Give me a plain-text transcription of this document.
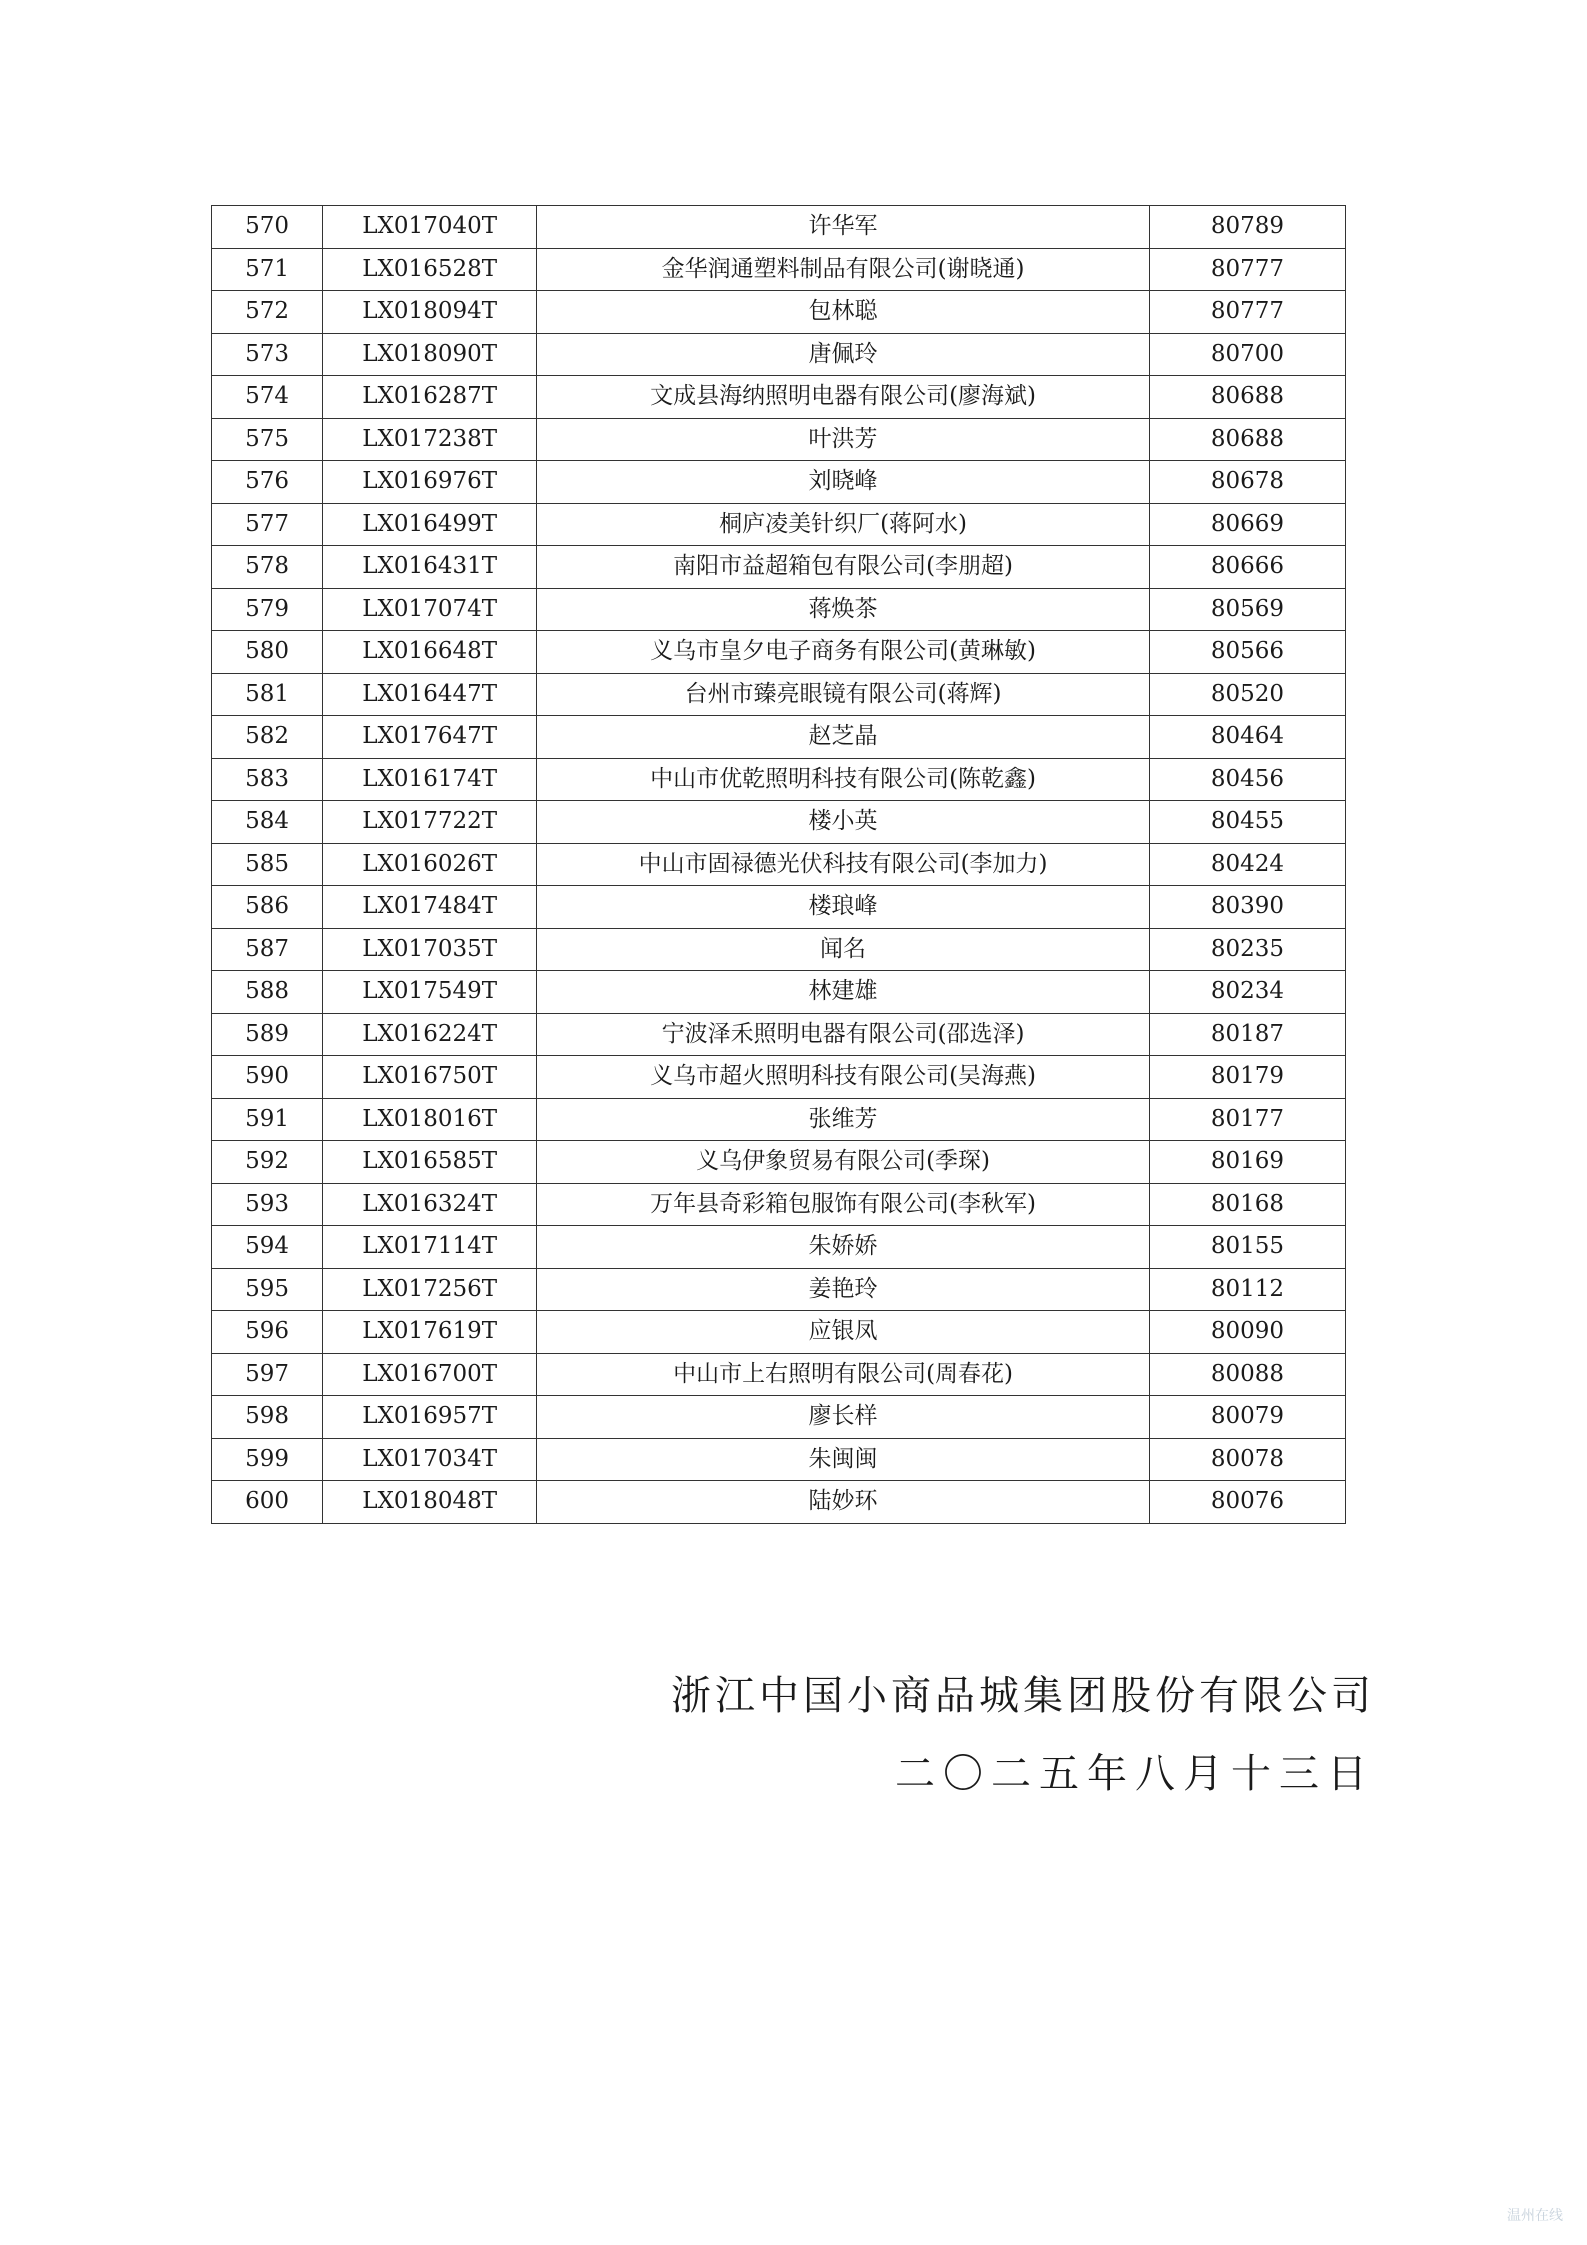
570	LX017040T	许华军	80789
571	LX016528T	金华润通塑料制品有限公司(谢晓通)	80777
572	LX018094T	包林聪	80777
573	LX018090T	唐佩玲	80700
574	LX016287T	文成县海纳照明电器有限公司(廖海斌)	80688
575	LX017238T	叶洪芳	80688
576	LX016976T	刘晓峰	80678
577	LX016499T	桐庐凌美针织厂(蒋阿水)	80669
578	LX016431T	南阳市益超箱包有限公司(李朋超)	80666
579	LX017074T	蒋焕茶	80569
580	LX016648T	义乌市皇夕电子商务有限公司(黄琳敏)	80566
581	LX016447T	台州市臻亮眼镜有限公司(蒋辉)	80520
582	LX017647T	赵芝晶	80464
583	LX016174T	中山市优乾照明科技有限公司(陈乾鑫)	80456
584	LX017722T	楼小英	80455
585	LX016026T	中山市固禄德光伏科技有限公司(李加力)	80424
586	LX017484T	楼琅峰	80390
587	LX017035T	闻名	80235
588	LX017549T	林建雄	80234
589	LX016224T	宁波泽禾照明电器有限公司(邵选泽)	80187
590	LX016750T	义乌市超火照明科技有限公司(吴海燕)	80179
591	LX018016T	张维芳	80177
592	LX016585T	义乌伊象贸易有限公司(季琛)	80169
593	LX016324T	万年县奇彩箱包服饰有限公司(李秋军)	80168
594	LX017114T	朱娇娇	80155
595	LX017256T	姜艳玲	80112
596	LX017619T	应银凤	80090
597	LX016700T	中山市上右照明有限公司(周春花)	80088
598	LX016957T	廖长样	80079
599	LX017034T	朱闽闽	80078
600	LX018048T	陆妙环	80076
浙江中国小商品城集团股份有限公司
二〇二五年八月十三日
温州在线
